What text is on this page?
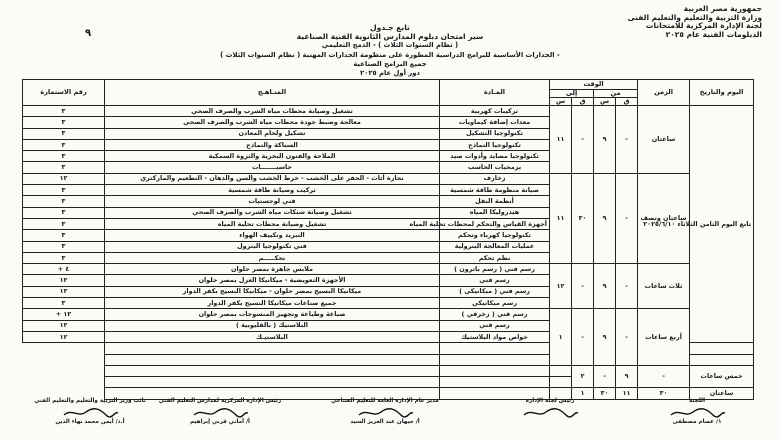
جمهورية مصر العربية
وزارة التربية والتعليم والتعليم الفنى
لجنة الإدارة المركزية للامتحانات
الدبلومات الفنية عام ٢٠٢٥
٩
تابع جـدول
سير امتحان دبلوم المدارس الثانوية الفنية الصناعية
( نظام السنوات الثلاث ) - الدمج التعليمي
- الجدارات الأساسية للبرامج الدراسية المطورة على منظومة الجدارات المهنية ( نظام السنوات الثلاث )
جميع البرامج الصناعية
دور أول عام ٢٠٢٥
اليوم والتاريخ	الزمن	الوقت				المـادة	المنـاهـج	رقم الاستمارة
		من		إلى				
		ق	س	ق	س			
تابع اليوم الثامن الثلاثاء ٢٠٢٥/٦/١٠	ساعتان	-	٩	-	١١	تركيبات كهربية	تشغيل وصيانة محطات مياه الشرب والصرف الصحي	٣
						معدات إضافة كيماويات	معالجة وضبط جودة محطات مياه الشرب والصرف الصحي	٣
						تكنولوجيا التشكيل	تشكيل ولحام المعادن	٣
						تكنولوجيا النماذج	السباكة والنماذج	٣
						تكنولوجيا مصايد وأدوات صيد	الملاحة والفنون البحرية والثروة السمكية	٣
						برمجيات الحاسب	حاسبـــــــات	٣
	ساعتان ونصف	-	٩	٣٠	١١	زخارف	نجارة أثاث - الحفر على الخشب - خرط الخشب والسن والدهان - التطعيم والماركتري	١٢
						صيانة منظومة طاقة شمسية	تركيب وصيانة طاقة شمسية	٣
						أنظمة النقل	فني لوجستيات	٣
						هيدروليكا المياه	تشغيل وصيانة شبكات مياه الشرب والصرف الصحي	٣
						أجهزة القياس والتحكم لمحطات تحلية المياه	تشغيل وصيانة محطات تحلية المياه	٣
						تكنولوجيا كهرباء وتحكم	التبريد وتكييف الهواء	٣
						عمليات المعالجة البترولية	فني تكنولوجيا البترول	٣
						نظم تحكم	تحكـــــم	٣
	ثلاث ساعات	-	٩	-	١٢	رسم فني ( رسم باترون )	ملابس جاهزة بمصر حلوان	٤ +
						رسم فني	الأجهزة التعويضية - ميكانيكا الغزل بمصر حلوان	١٢
						رسم فني ( ميكانيكي )	ميكانيكا النسيج بمصر حلوان - ميكانيكا النسيج بكفر الدوار	١٢
						رسم ميكانيكي	جميع صناعات ميكانيكا النسيج بكفر الدوار	٣
	أربع ساعات	-	٩	-	١	رسم فني ( زخرفي )	صباغة وطباعة وتجهيز المنسوجات بمصر حلوان	١٢ +
						رسم فني	البلاستيك ( بالقليوبية )	١٢
						خواص مواد البلاستيك	البلاستيـك	١٢

خمس ساعات	-	٩	-	٢				

ساعتان	٣٠	١١	٣٠	١				
اللجنة
١/ عصام مصطفى
رئيس لجنة الإدارة
مدير عام الإدارة العامة للتعليم الصناعي
أ/ جيهان عبد العزيز السيد
رئيس الإدارة المركزية لمدارس التعليم الفني
أ/ أماني قرني إبراهيم
نائب وزير التربية والتعليم والتعليم الفني
أ.د/ أيمن محمد بهاء الدين
